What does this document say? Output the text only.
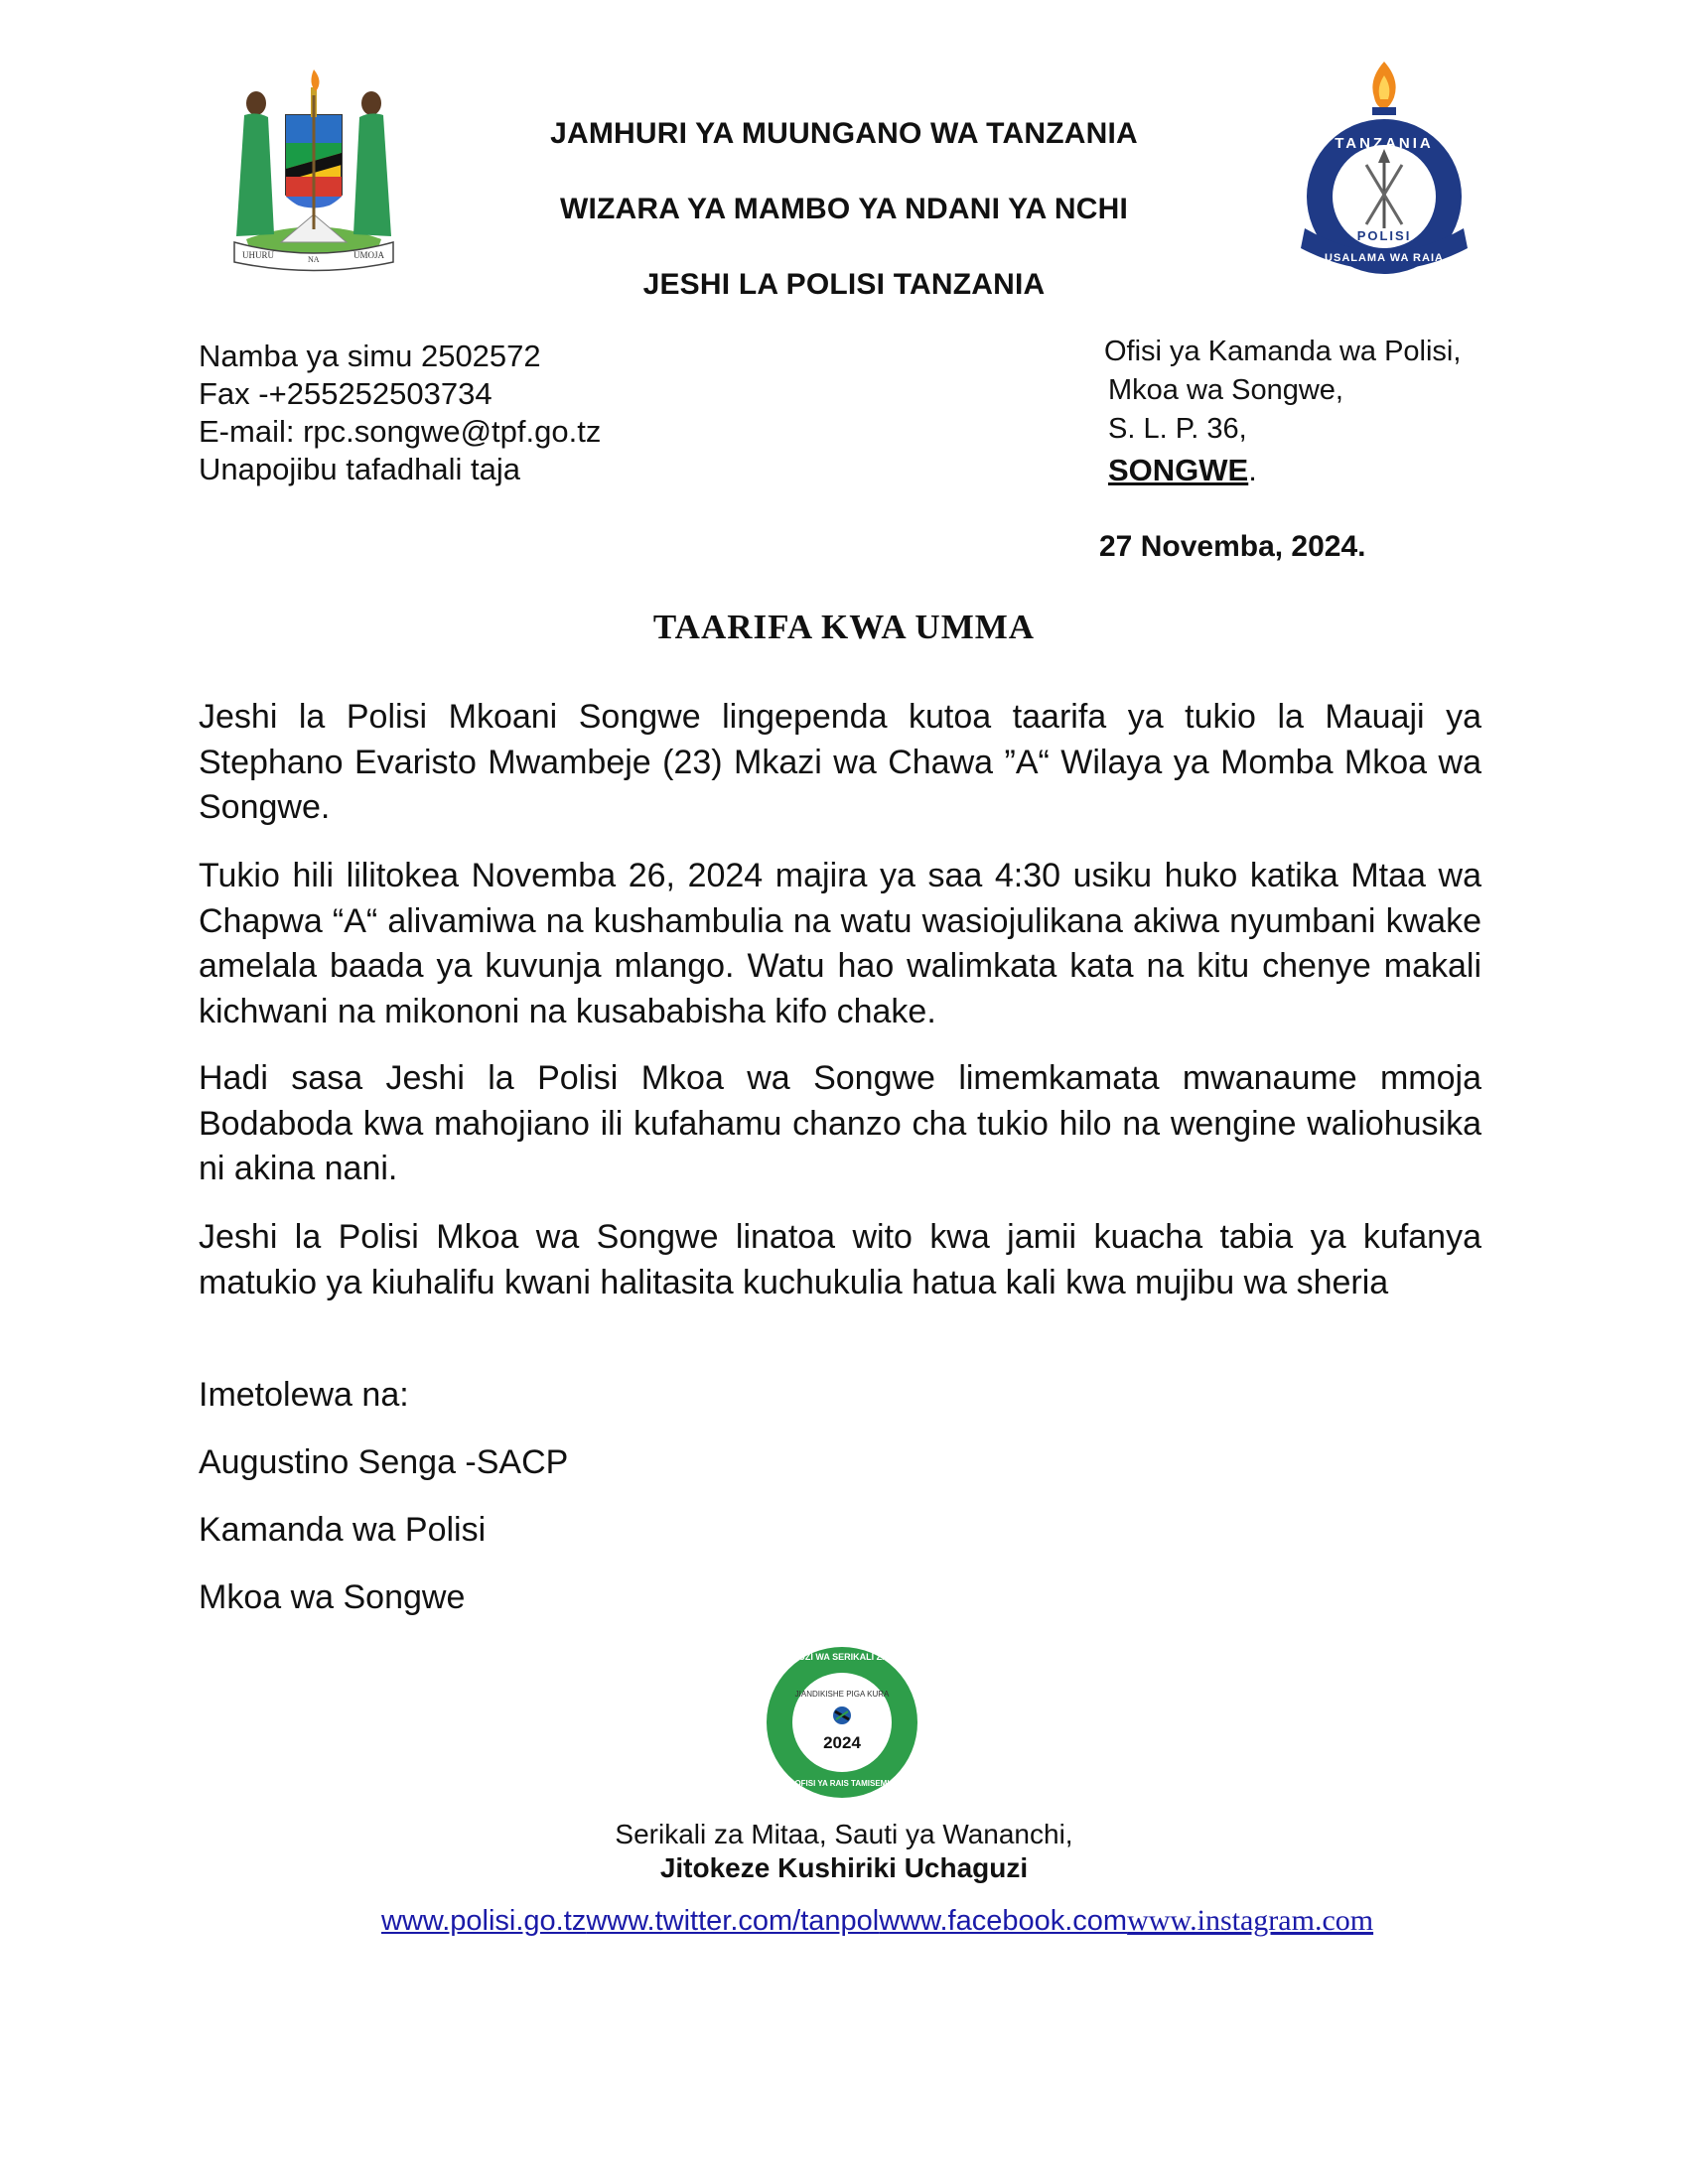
UHURU	NA	UMOJA
JAMHURI YA MUUNGANO WA TANZANIA
WIZARA YA MAMBO YA NDANI YA NCHI
JESHI LA POLISI TANZANIA
TANZANIA
POLISI
USALAMA WA RAIA
Namba ya simu 2502572
Fax -+255252503734
E-mail: rpc.songwe@tpf.go.tz
Unapojibu tafadhali taja
Ofisi ya Kamanda wa Polisi,
Mkoa wa Songwe,
S. L. P. 36,
SONGWE.
27 Novemba, 2024.
TAARIFA KWA UMMA

Jeshi la Polisi Mkoani Songwe lingependa kutoa taarifa ya tukio la Mauaji ya Stephano Evaristo Mwambeje (23) Mkazi wa Chawa ”A“ Wilaya ya Momba Mkoa wa Songwe.

Tukio hili lilitokea Novemba 26, 2024 majira ya saa 4:30 usiku huko katika Mtaa wa Chapwa “A“ alivamiwa na kushambulia na watu wasiojulikana akiwa nyumbani kwake amelala baada ya kuvunja mlango. Watu hao walimkata kata na kitu chenye makali kichwani na mikononi na kusababisha kifo chake.

Hadi sasa Jeshi la Polisi Mkoa wa Songwe limemkamata mwanaume mmoja Bodaboda kwa mahojiano ili kufahamu chanzo cha tukio hilo na wengine waliohusika ni akina nani.

Jeshi la Polisi Mkoa wa Songwe linatoa wito kwa jamii kuacha tabia ya kufanya matukio ya kiuhalifu kwani halitasita kuchukulia hatua kali kwa mujibu wa sheria

Imetolewa na:
Augustino Senga -SACP
Kamanda wa Polisi
Mkoa wa Songwe
UCHAGUZI WA SERIKALI ZA MITAA
JIANDIKISHE PIGA KURA
2024
OFISI YA RAIS TAMISEMI
Serikali za Mitaa, Sauti ya Wananchi,
Jitokeze Kushiriki Uchaguzi
www.polisi.go.tzwww.twitter.com/tanpolwww.facebook.comwww.instagram.com
